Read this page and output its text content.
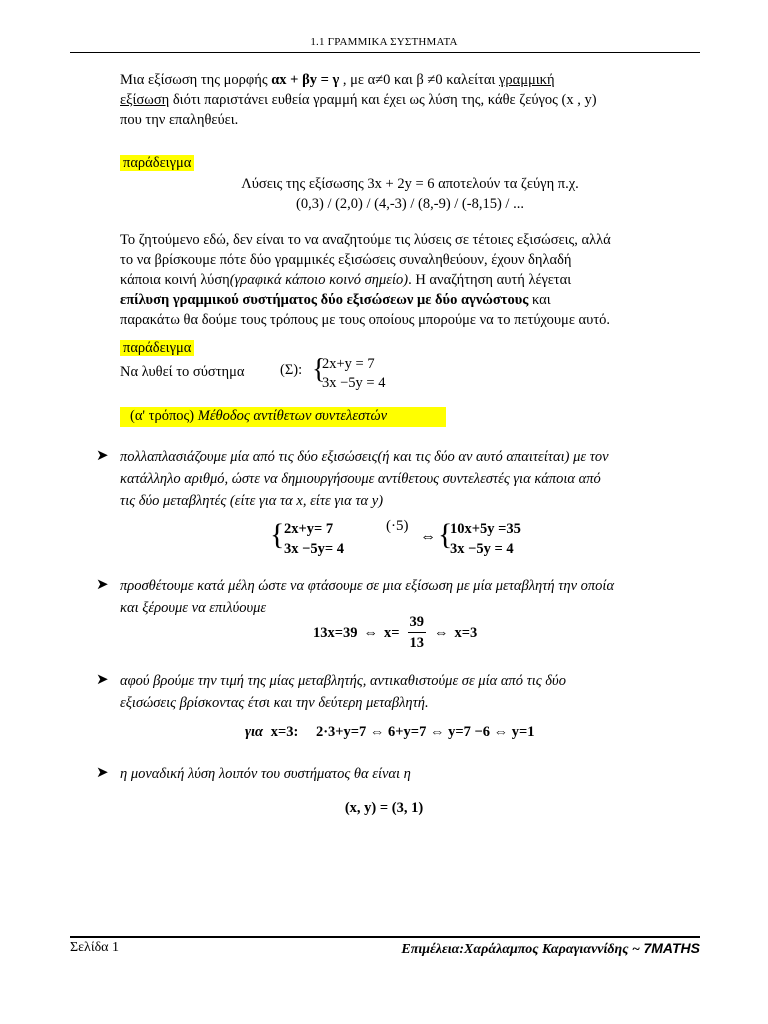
1.1 ΓΡΑΜΜΙΚΑ ΣΥΣΤΗΜΑΤΑ
Μια εξίσωση της μορφής αx + βy = γ , με α≠0 και β ≠0 καλείται γραμμική
εξίσωση διότι παριστάνει ευθεία γραμμή και έχει ως λύση της, κάθε ζεύγος (x , y)
που την επαληθεύει.
παράδειγμα
Λύσεις της εξίσωσης 3x + 2y = 6 αποτελούν τα ζεύγη π.χ.
(0,3) / (2,0) / (4,-3) / (8,-9) / (-8,15) / ...
Το ζητούμενο εδώ, δεν είναι το να αναζητούμε τις λύσεις σε τέτοιες εξισώσεις, αλλά
το να βρίσκουμε πότε δύο γραμμικές εξισώσεις συναληθεύουν, έχουν δηλαδή
κάποια κοινή λύση(γραφικά κάποιο κοινό σημείο). Η αναζήτηση αυτή λέγεται
επίλυση γραμμικού συστήματος δύο εξισώσεων με δύο αγνώστους και
παρακάτω θα δούμε τους τρόπους με τους οποίους μπορούμε να το πετύχουμε αυτό.
παράδειγμα
Να λυθεί το σύστημα	(Σ): {
2x+y = 7
3x −5y = 4
(α' τρόπος) Μέθοδος αντίθετων συντελεστών
➤ πολλαπλασιάζουμε μία από τις δύο εξισώσεις(ή και τις δύο αν αυτό απαιτείται) με τον
κατάλληλο αριθμό, ώστε να δημιουργήσουμε αντίθετους συντελεστές για κάποια από
τις δύο μεταβλητές (είτε για τα x, είτε για τα y)
{ 2x+y= 7
3x −5y= 4
(·5)
⇔ {
10x+5y =35
3x −5y = 4
➤ προσθέτουμε κατά μέλη ώστε να φτάσουμε σε μια εξίσωση με μία μεταβλητή την οποία
και ξέρουμε να επιλύουμε
13x=39 ⇔ $x= \frac{39}{13}$ ⇔ x=3
➤ αφού βρούμε την τιμή της μίας μεταβλητής, αντικαθιστούμε σε μία από τις δύο
εξισώσεις βρίσκοντας έτσι και την δεύτερη μεταβλητή.
για x=3: 2·3+y=7 ⇔ 6+y=7 ⇔ y=7 −6 ⇔ y=1
➤ η μοναδική λύση λοιπόν του συστήματος θα είναι η
(x, y) = (3, 1)
Σελίδα 1	Επιμέλεια:Χαράλαμπος Καραγιαννίδης ~ 7MATHS
